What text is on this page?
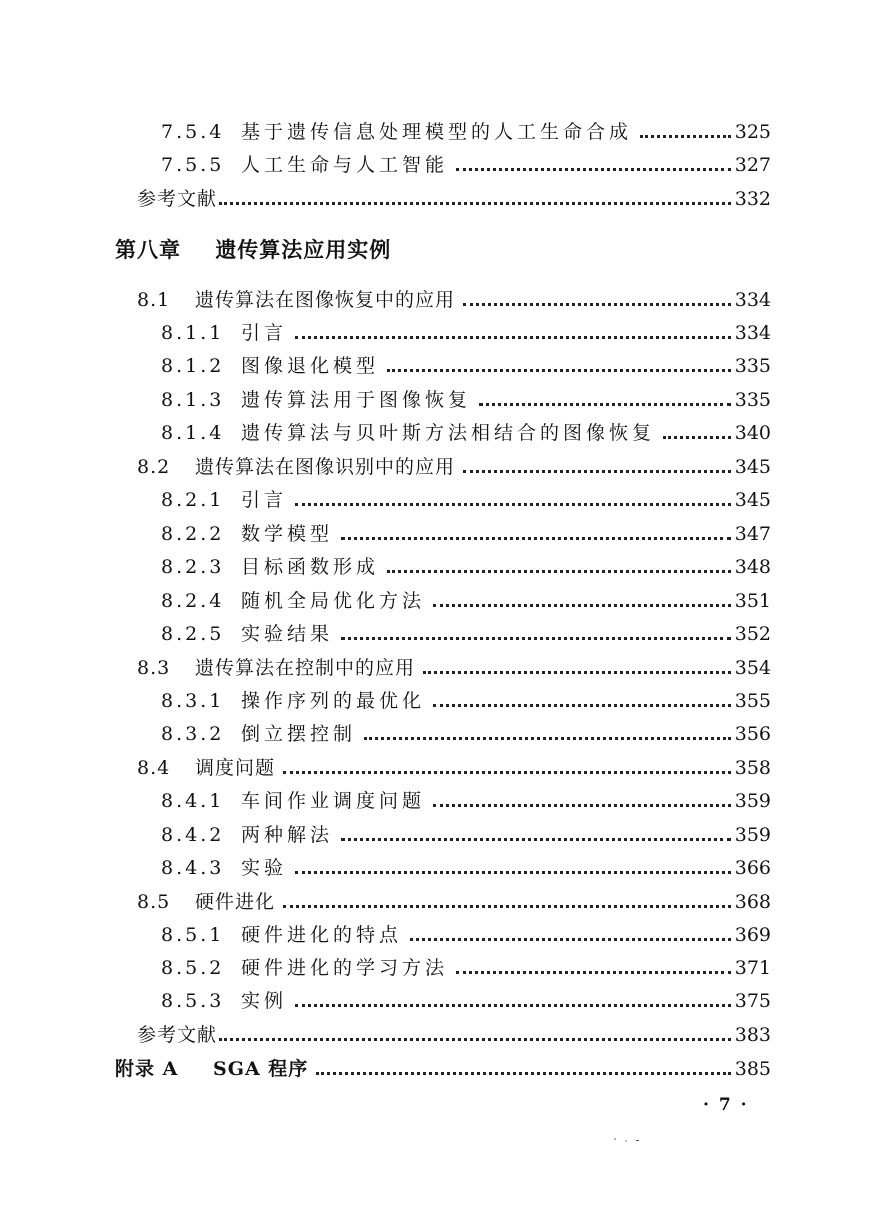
7.5.4 基于遗传信息处理模型的人工生命合成	325
7.5.5 人工生命与人工智能	327
参考文献	332
第八章 遗传算法应用实例
8.1	遗传算法在图像恢复中的应用	334
8.1.1 引言	334
8.1.2 图像退化模型	335
8.1.3 遗传算法用于图像恢复	335
8.1.4 遗传算法与贝叶斯方法相结合的图像恢复	340
8.2	遗传算法在图像识别中的应用	345
8.2.1 引言	345
8.2.2 数学模型	347
8.2.3 目标函数形成	348
8.2.4 随机全局优化方法	351
8.2.5 实验结果	352
8.3	遗传算法在控制中的应用	354
8.3.1 操作序列的最优化	355
8.3.2 倒立摆控制	356
8.4	调度问题	358
8.4.1 车间作业调度问题	359
8.4.2 两种解法	359
8.4.3 实验	366
8.5	硬件进化	368
8.5.1 硬件进化的特点	369
8.5.2 硬件进化的学习方法	371
8.5.3 实例	375
参考文献	383
附录 A	SGA 程序	385
· 7 ·
